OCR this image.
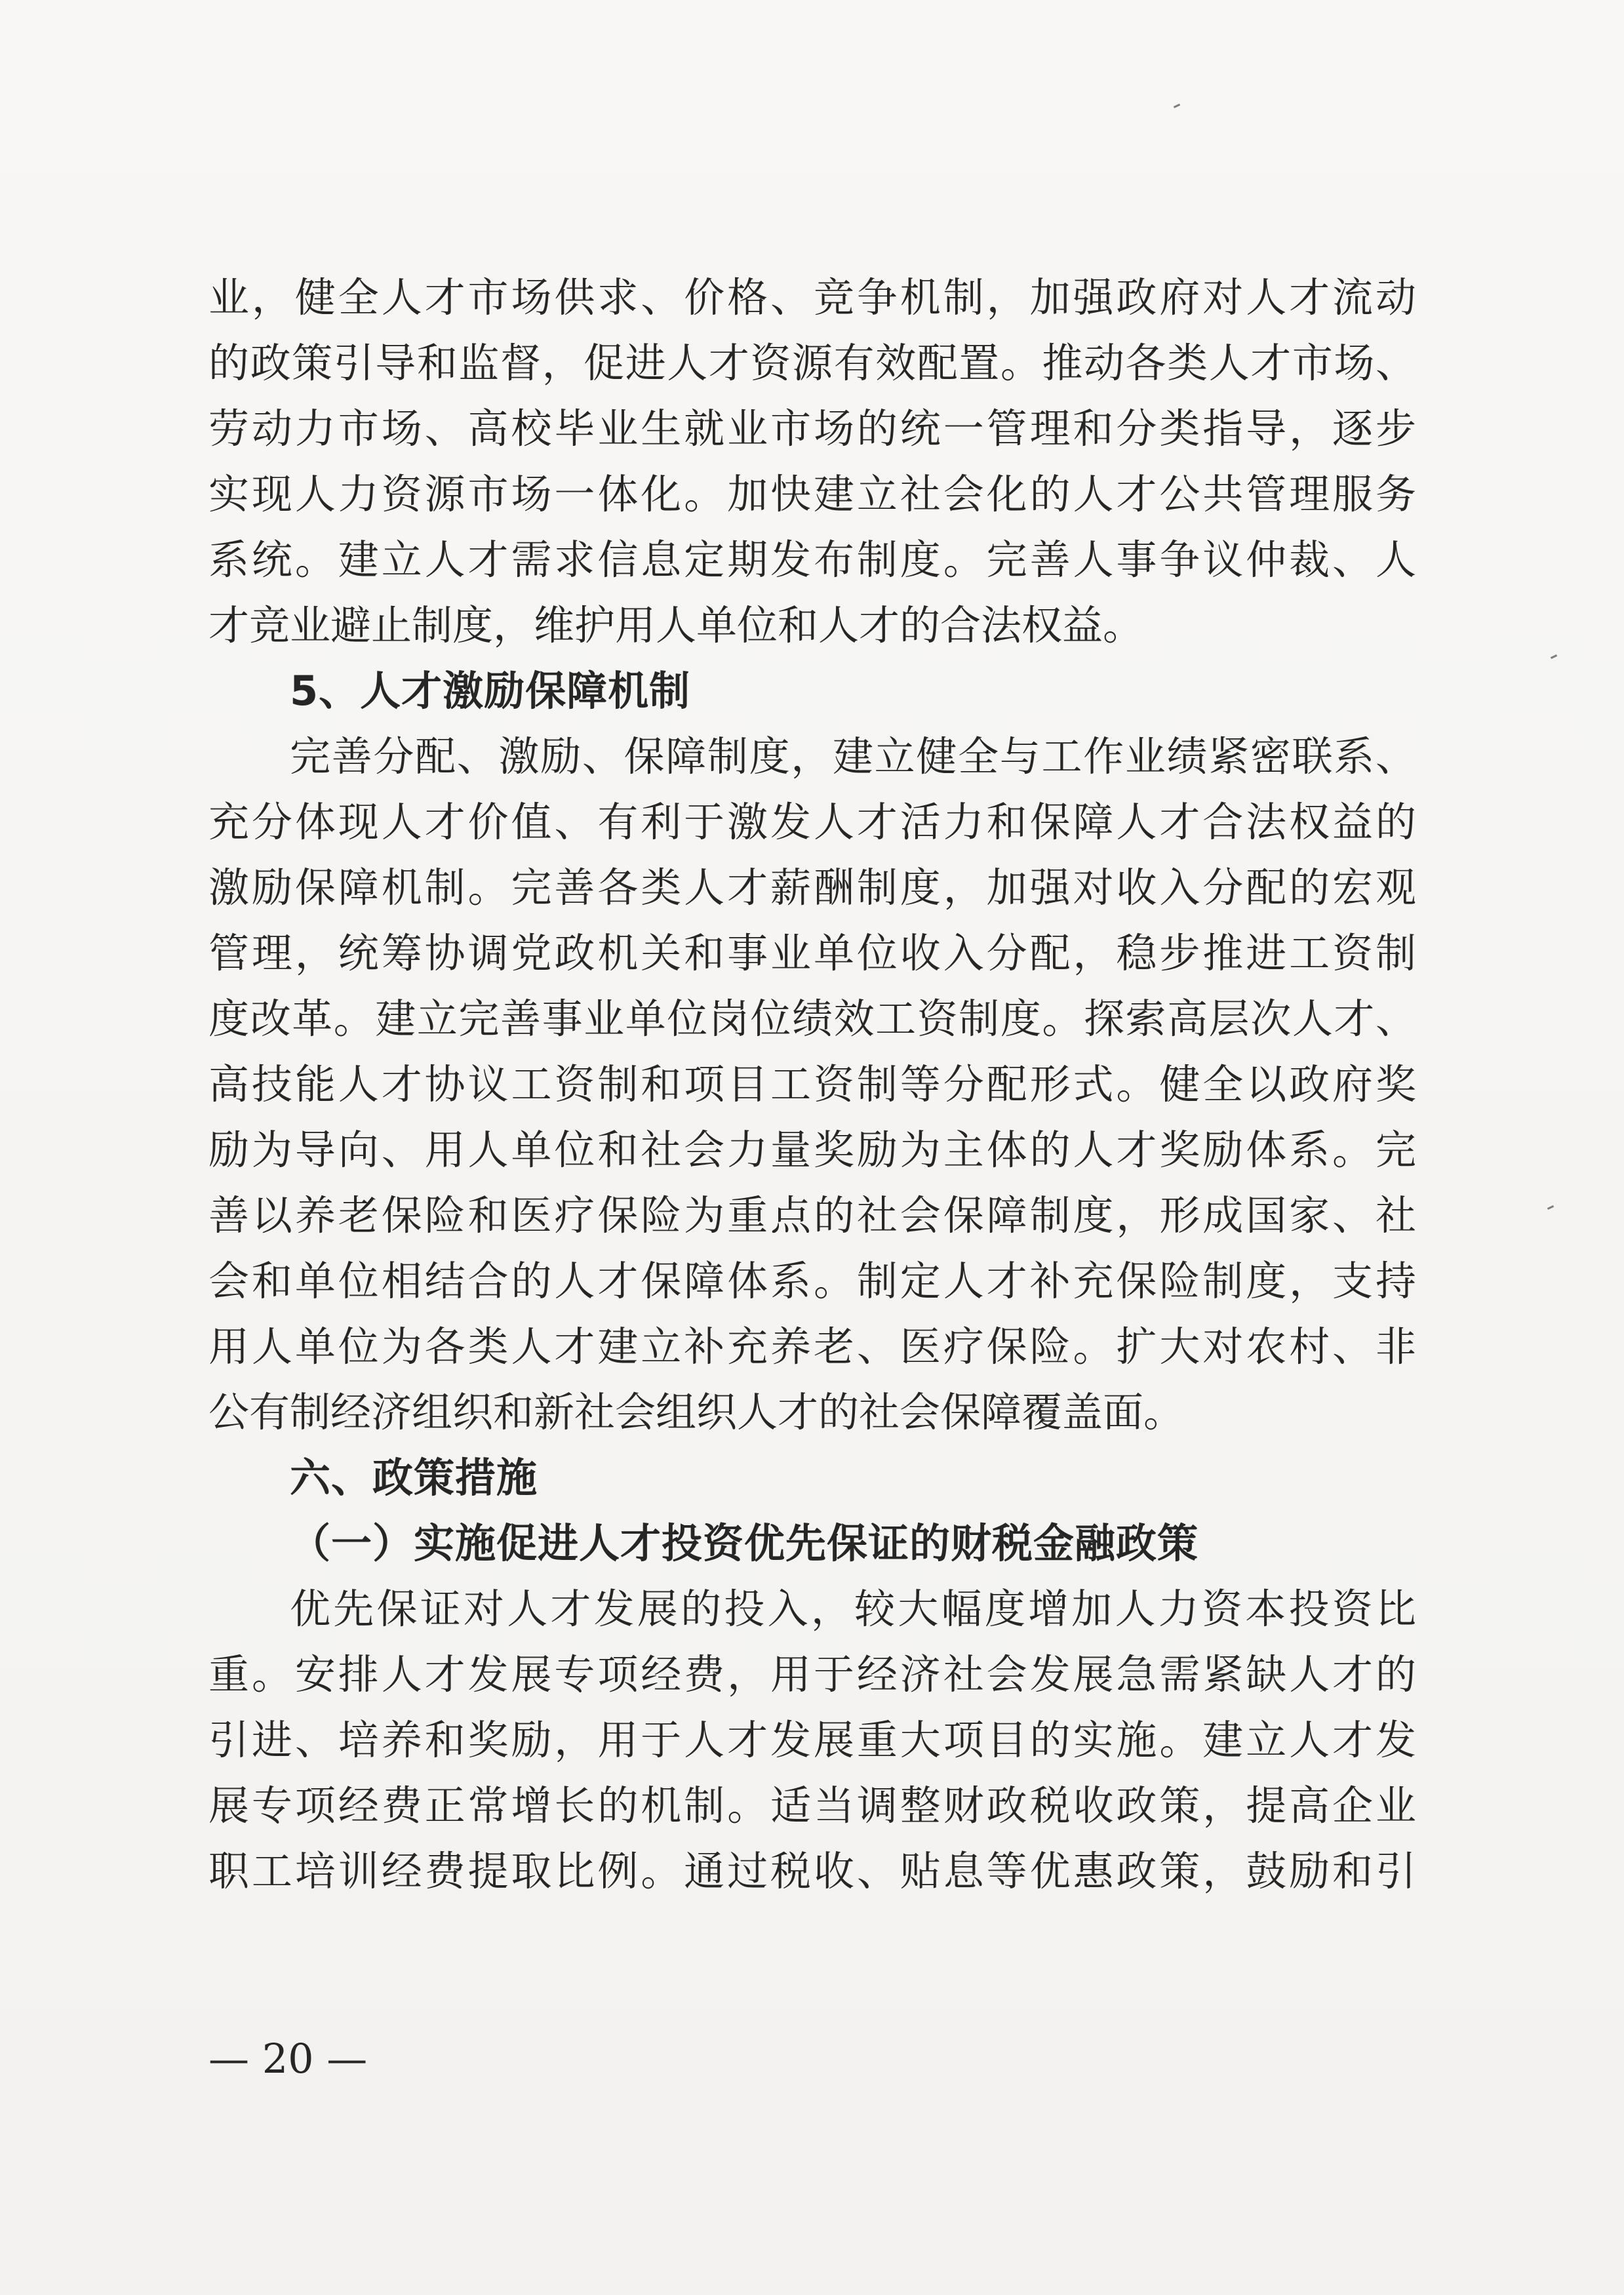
业，健全人才市场供求、价格、竞争机制，加强政府对人才流动
的政策引导和监督，促进人才资源有效配置。推动各类人才市场、
劳动力市场、高校毕业生就业市场的统一管理和分类指导，逐步
实现人力资源市场一体化。加快建立社会化的人才公共管理服务
系统。建立人才需求信息定期发布制度。完善人事争议仲裁、人
才竞业避止制度，维护用人单位和人才的合法权益。
5、人才激励保障机制
完善分配、激励、保障制度，建立健全与工作业绩紧密联系、
充分体现人才价值、有利于激发人才活力和保障人才合法权益的
激励保障机制。完善各类人才薪酬制度，加强对收入分配的宏观
管理，统筹协调党政机关和事业单位收入分配，稳步推进工资制
度改革。建立完善事业单位岗位绩效工资制度。探索高层次人才、
高技能人才协议工资制和项目工资制等分配形式。健全以政府奖
励为导向、用人单位和社会力量奖励为主体的人才奖励体系。完
善以养老保险和医疗保险为重点的社会保障制度，形成国家、社
会和单位相结合的人才保障体系。制定人才补充保险制度，支持
用人单位为各类人才建立补充养老、医疗保险。扩大对农村、非
公有制经济组织和新社会组织人才的社会保障覆盖面。
六、政策措施
（一）实施促进人才投资优先保证的财税金融政策
优先保证对人才发展的投入，较大幅度增加人力资本投资比
重。安排人才发展专项经费，用于经济社会发展急需紧缺人才的
引进、培养和奖励，用于人才发展重大项目的实施。建立人才发
展专项经费正常增长的机制。适当调整财政税收政策，提高企业
职工培训经费提取比例。通过税收、贴息等优惠政策，鼓励和引
— 20 —
